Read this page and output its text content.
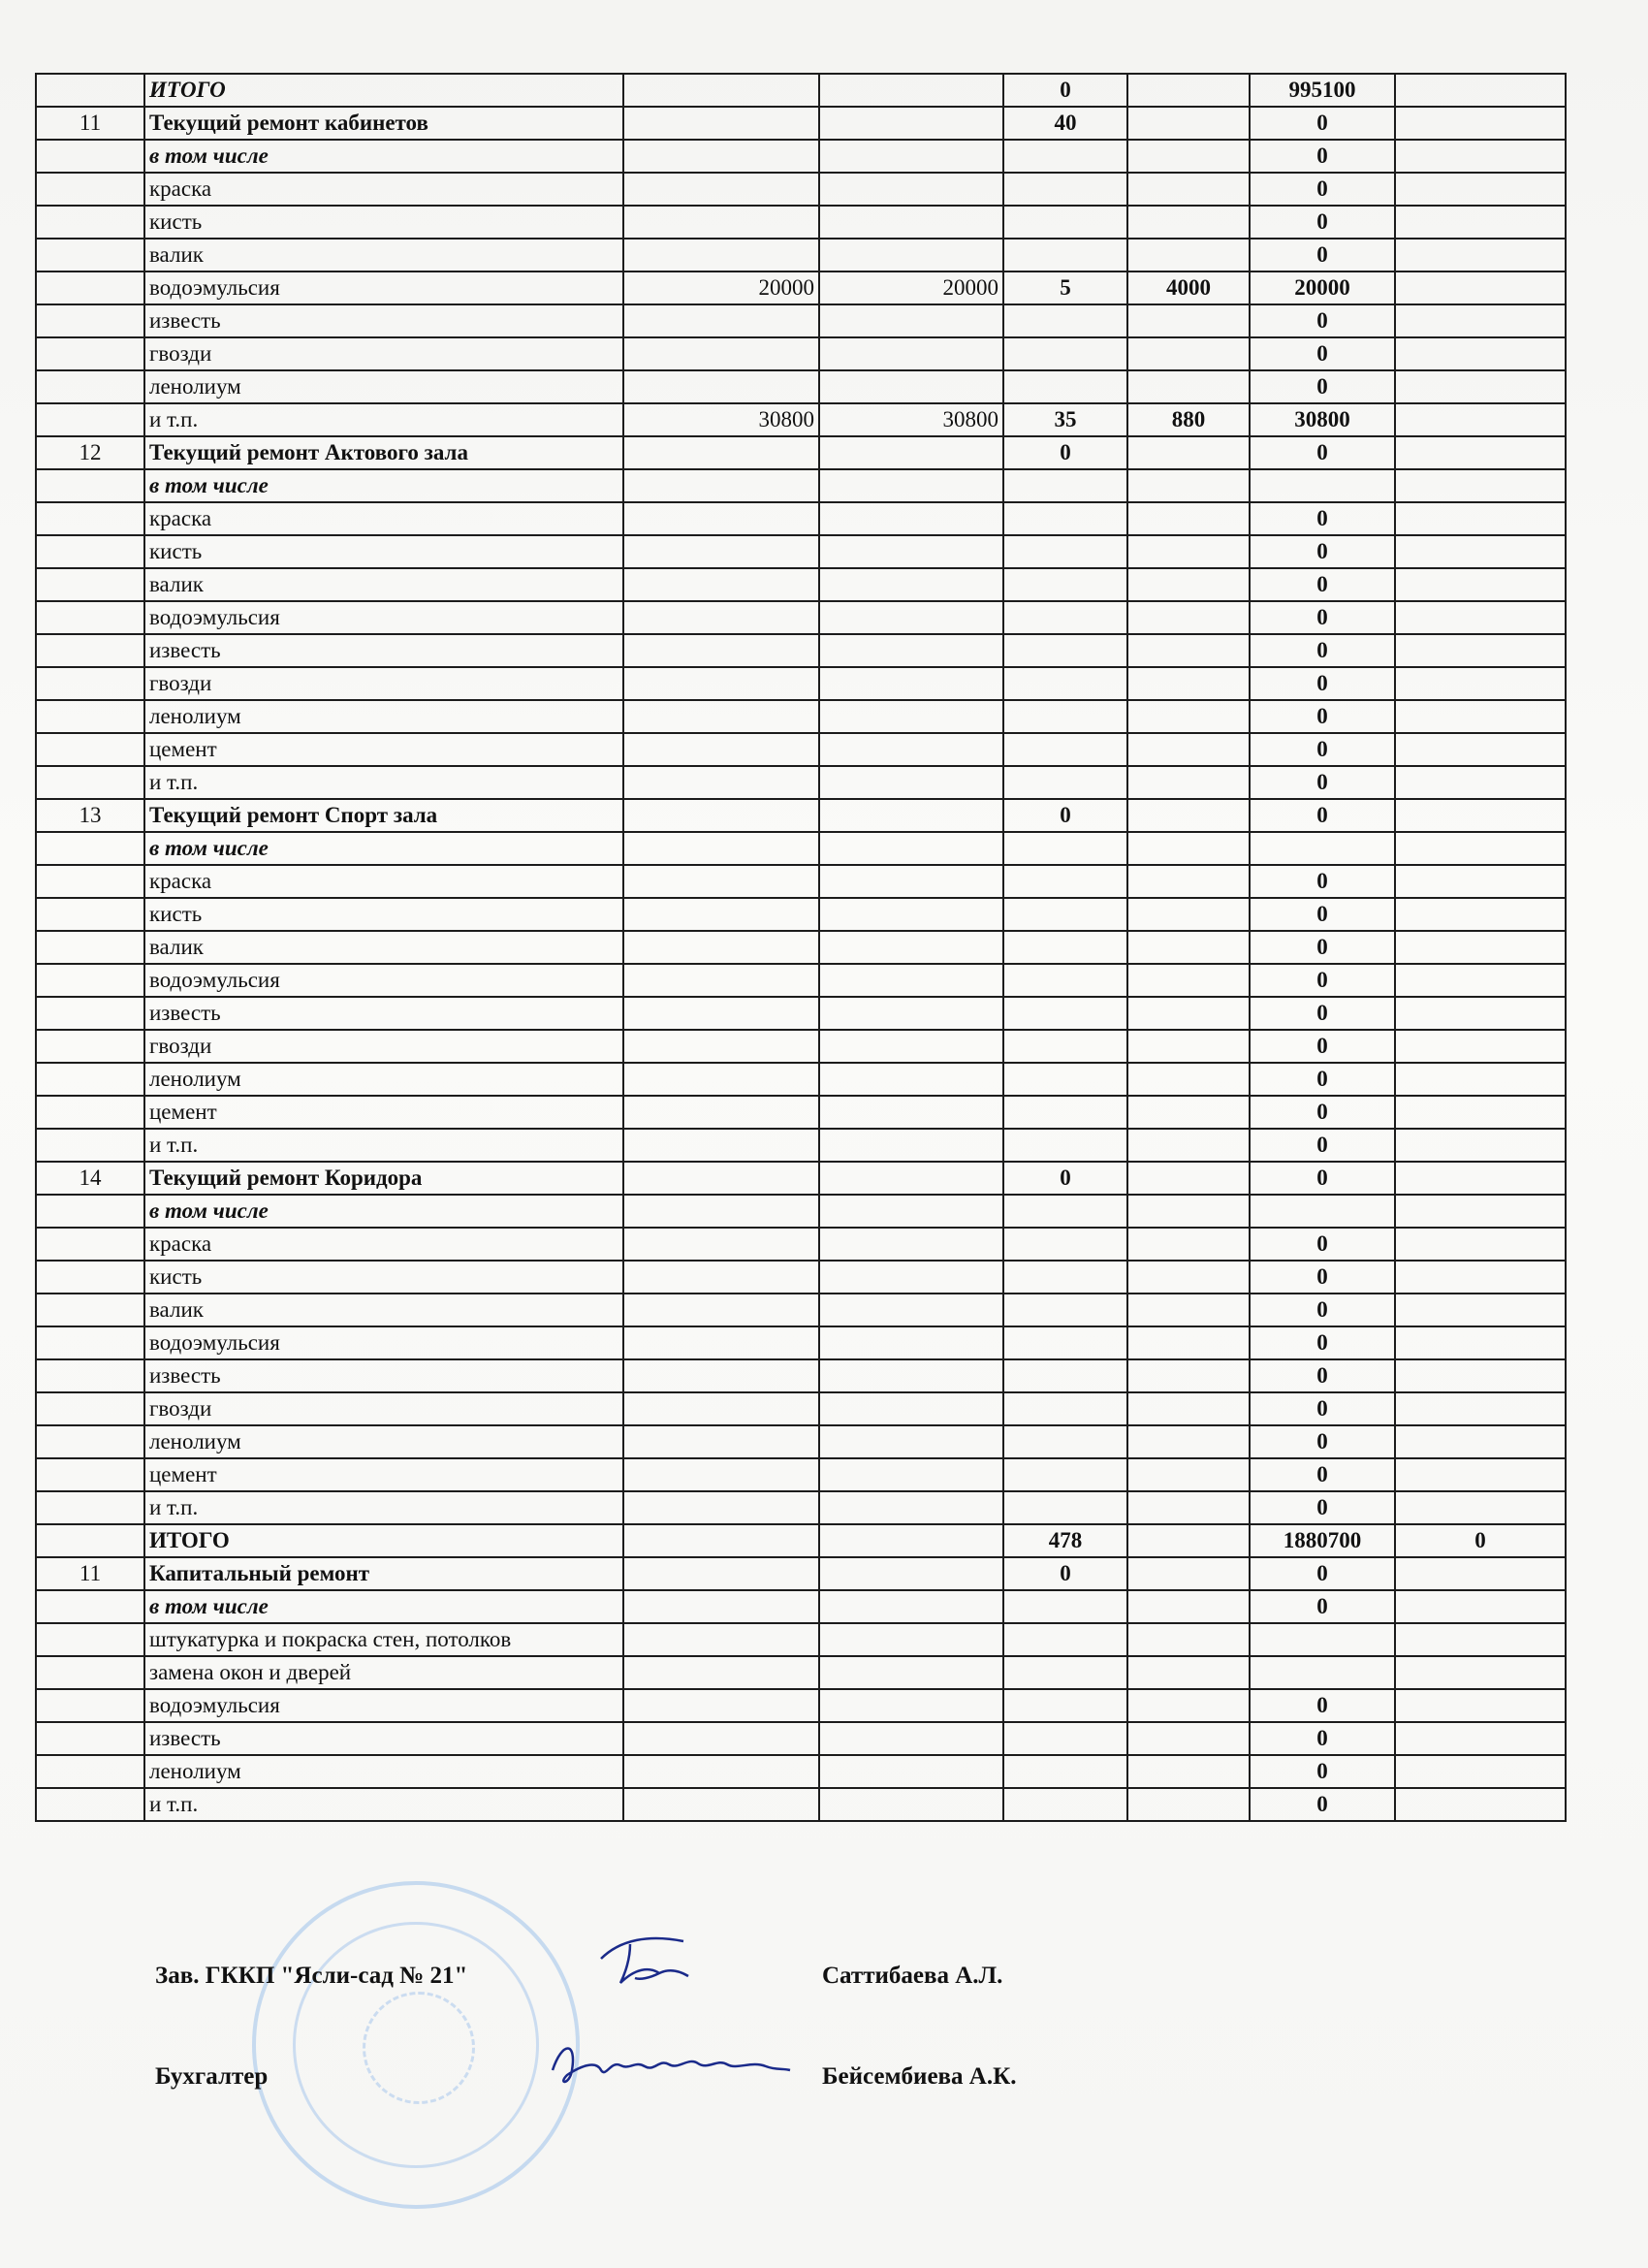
	ИТОГО			0		995100	
11	Текущий ремонт кабинетов			40		0	
	в том числе					0	
	краска					0	
	кисть					0	
	валик					0	
	водоэмульсия	20000	20000	5	4000	20000	
	известь					0	
	гвозди					0	
	ленолиум					0	
	и т.п.	30800	30800	35	880	30800	
12	Текущий ремонт Актового зала			0		0	
	в том числе						
	краска					0	
	кисть					0	
	валик					0	
	водоэмульсия					0	
	известь					0	
	гвозди					0	
	ленолиум					0	
	цемент					0	
	и т.п.					0	
13	Текущий ремонт Спорт зала			0		0	
	в том числе						
	краска					0	
	кисть					0	
	валик					0	
	водоэмульсия					0	
	известь					0	
	гвозди					0	
	ленолиум					0	
	цемент					0	
	и т.п.					0	
14	Текущий ремонт Коридора			0		0	
	в том числе						
	краска					0	
	кисть					0	
	валик					0	
	водоэмульсия					0	
	известь					0	
	гвозди					0	
	ленолиум					0	
	цемент					0	
	и т.п.					0	
	ИТОГО			478		1880700	0
11	Капитальный ремонт			0		0	
	в том числе					0	
	штукатурка и покраска стен, потолков						
	замена окон и дверей						
	водоэмульсия					0	
	известь					0	
	ленолиум					0	
	и т.п.					0	
Зав. ГККП "Ясли-сад № 21"	Саттибаева А.Л.
Бухгалтер	Бейсембиева А.К.
